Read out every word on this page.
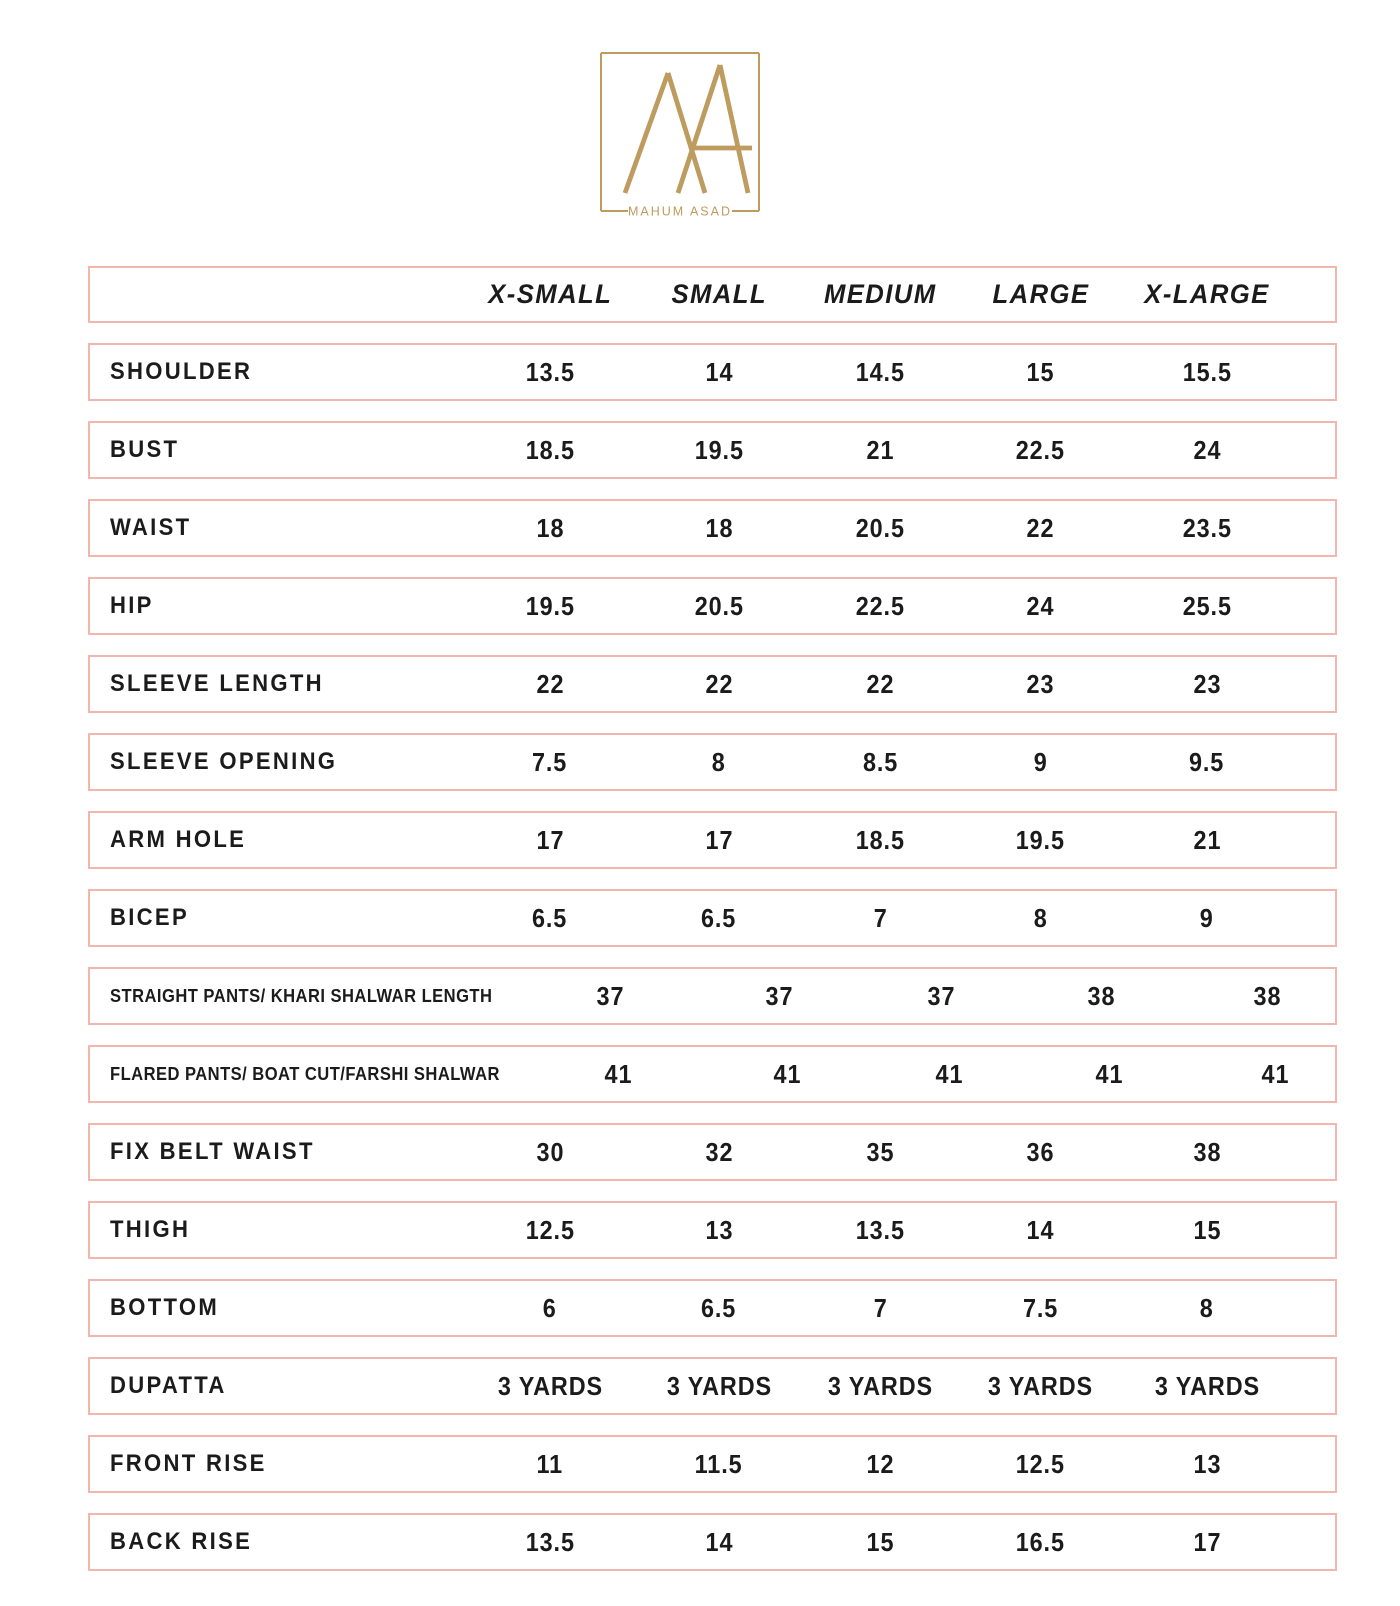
MAHUM ASAD
X-SMALL	SMALL	MEDIUM	LARGE	X-LARGE
SHOULDER	13.5	14	14.5	15	15.5
BUST	18.5	19.5	21	22.5	24
WAIST	18	18	20.5	22	23.5
HIP	19.5	20.5	22.5	24	25.5
SLEEVE LENGTH	22	22	22	23	23
SLEEVE OPENING	7.5	8	8.5	9	9.5
ARM HOLE	17	17	18.5	19.5	21
BICEP	6.5	6.5	7	8	9
STRAIGHT PANTS/ KHARI SHALWAR LENGTH	37	37	37	38	38
FLARED PANTS/ BOAT CUT/FARSHI SHALWAR	41	41	41	41	41
FIX BELT WAIST	30	32	35	36	38
THIGH	12.5	13	13.5	14	15
BOTTOM	6	6.5	7	7.5	8
DUPATTA	3 YARDS	3 YARDS	3 YARDS	3 YARDS	3 YARDS
FRONT RISE	11	11.5	12	12.5	13
BACK RISE	13.5	14	15	16.5	17
